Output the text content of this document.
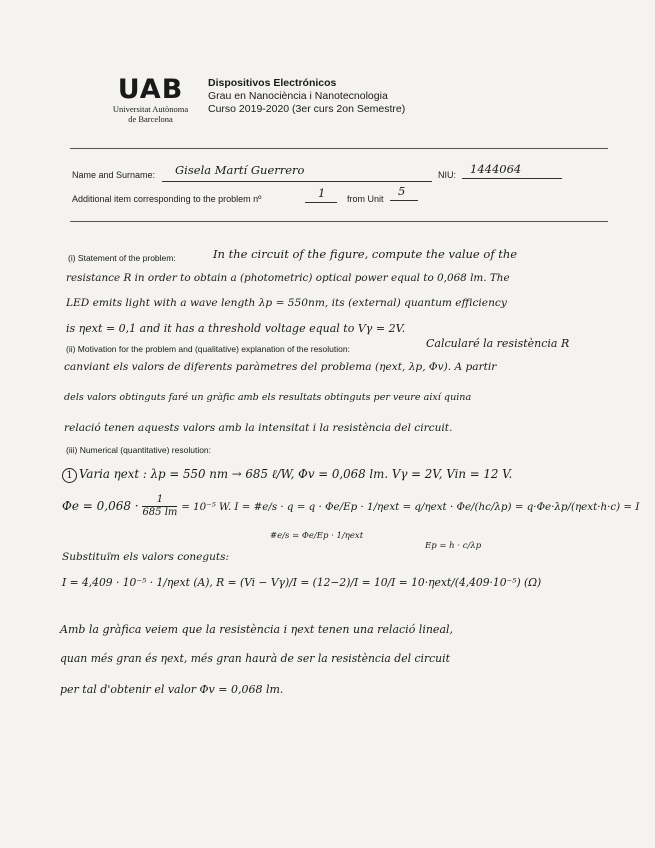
UAB
Universitat Autònoma
de Barcelona
Dispositivos Electrónicos
Grau en Nanociència i Nanotecnologia
Curso 2019-2020 (3er curs 2on Semestre)
Name and Surname: Gisela Martí Guerrero	NIU: 1444064
Additional item corresponding to the problem nº	1 from Unit
5
(i) Statement of the problem:	In the circuit of the figure, compute the value of the
resistance R in order to obtain a (photometric) optical power equal to 0,068 lm. The
LED emits light with a wave length λp = 550nm, its (external) quantum efficiency
is ηext = 0,1 and it has a threshold voltage equal to Vγ = 2V.
(ii) Motivation for the problem and (qualitative) explanation of the resolution:	Calcularé la resistència R
canviant els valors de diferents paràmetres del problema (ηext, λp, Φv). A partir
dels valors obtinguts faré un gràfic amb els resultats obtinguts per veure així quina
relació tenen aquests valors amb la intensitat i la resistència del circuit.
(iii) Numerical (quantitative) resolution:
1 Varia ηext : λp = 550 nm → 685 ℓ/W, Φv = 0,068 lm. Vγ = 2V, Vin = 12 V.
$\Phi e = 0,068 \cdot \frac{1}{685 lm} = 10^{-5}$ W. I = #e/s · q = q · Φe/Ep · 1/ηext = q/ηext · Φe/(hc/λp) = q·Φe·λp/(ηext·h·c) = I
#e/s = Φe/Ep · 1/ηext
Ep = h · c/λp
Substituïm els valors coneguts:
I = 4,409 · 10⁻⁵ · 1/ηext (A), R = (Vi − Vγ)/I = (12−2)/I = 10/I = 10·ηext/(4,409·10⁻⁵) (Ω)
Amb la gràfica veiem que la resistència i ηext tenen una relació lineal,
quan més gran és ηext, més gran haurà de ser la resistència del circuit
per tal d'obtenir el valor Φv = 0,068 lm.
